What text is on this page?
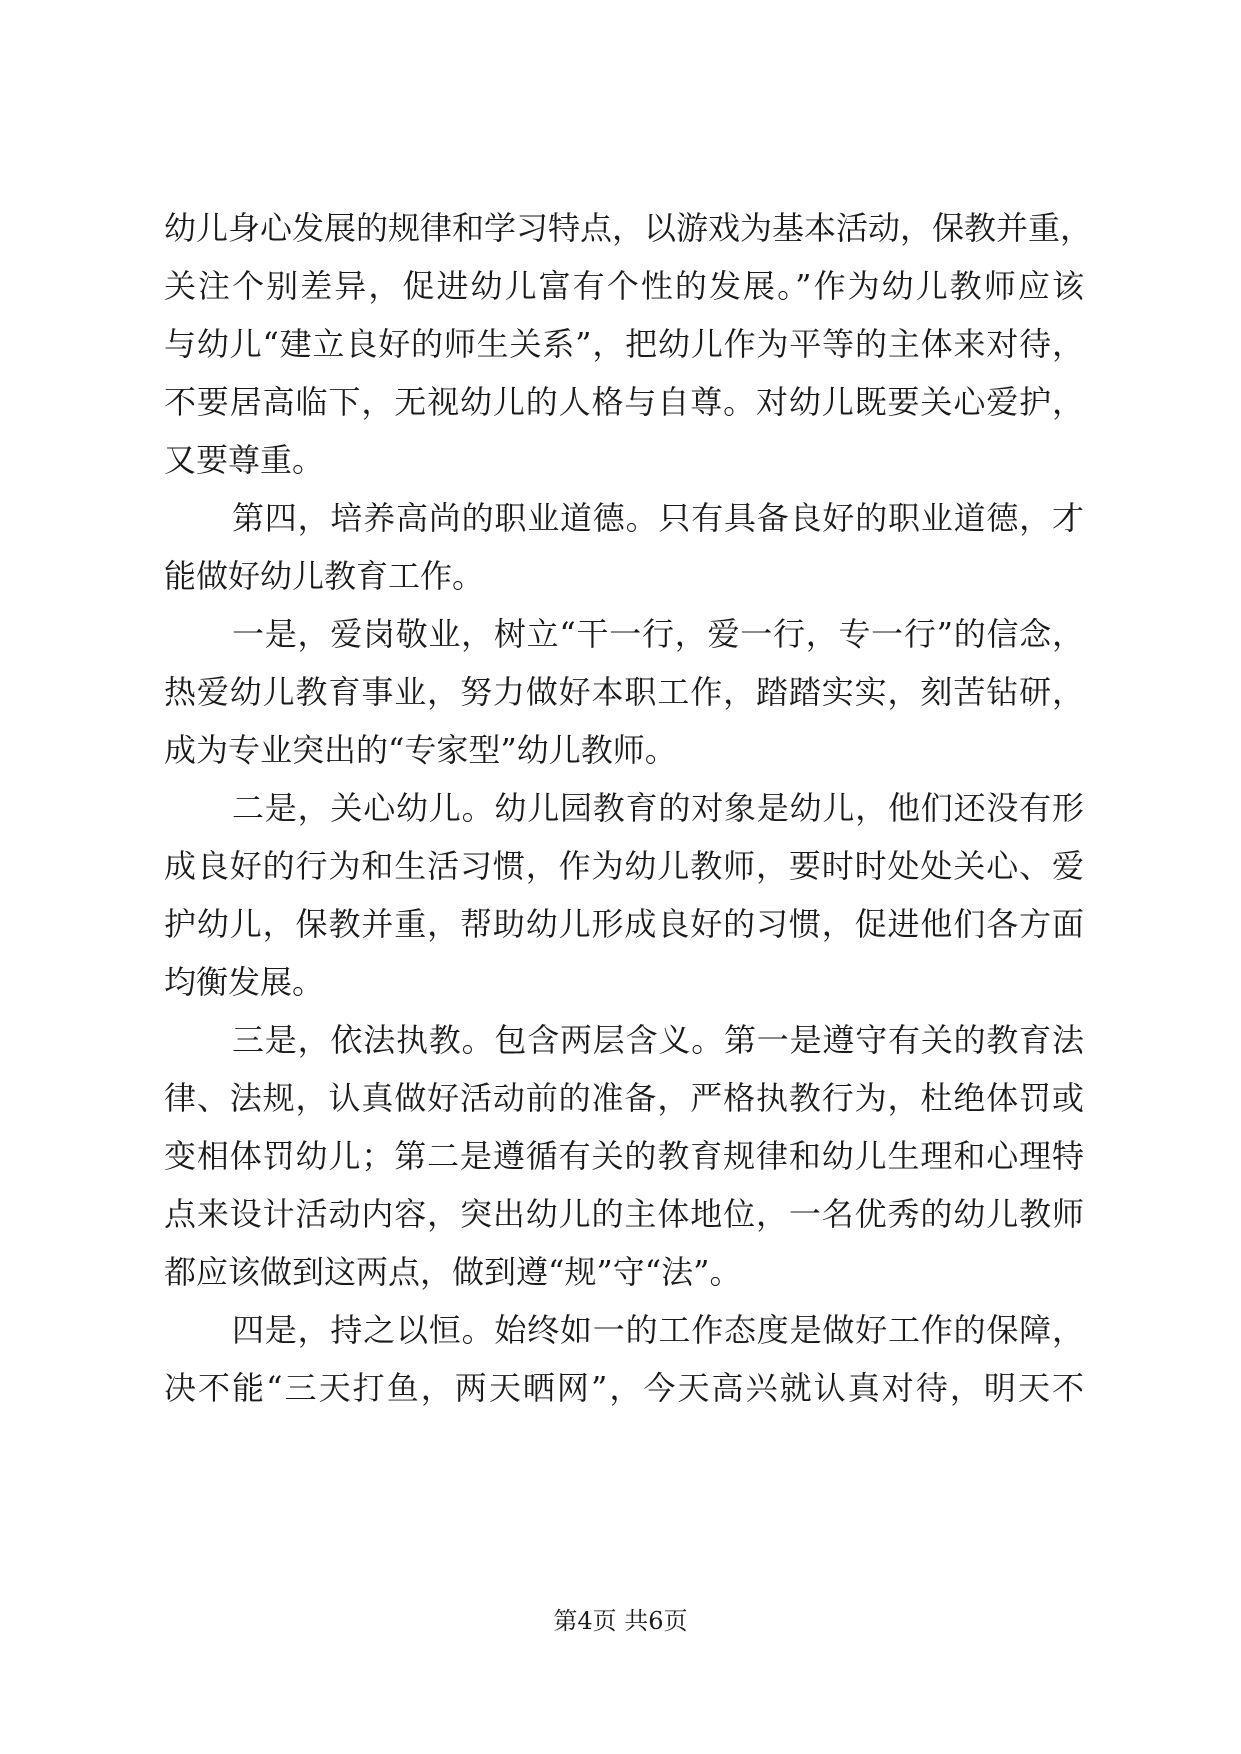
幼儿身心发展的规律和学习特点，以游戏为基本活动，保教并重，
关注个别差异，促进幼儿富有个性的发展。”作为幼儿教师应该
与幼儿“建立良好的师生关系”，把幼儿作为平等的主体来对待，
不要居高临下，无视幼儿的人格与自尊。对幼儿既要关心爱护，
又要尊重。
第四，培养高尚的职业道德。只有具备良好的职业道德，才
能做好幼儿教育工作。
一是，爱岗敬业，树立“干一行，爱一行，专一行”的信念，
热爱幼儿教育事业，努力做好本职工作，踏踏实实，刻苦钻研，
成为专业突出的“专家型”幼儿教师。
二是，关心幼儿。幼儿园教育的对象是幼儿，他们还没有形
成良好的行为和生活习惯，作为幼儿教师，要时时处处关心、爱
护幼儿，保教并重，帮助幼儿形成良好的习惯，促进他们各方面
均衡发展。
三是，依法执教。包含两层含义。第一是遵守有关的教育法
律、法规，认真做好活动前的准备，严格执教行为，杜绝体罚或
变相体罚幼儿；第二是遵循有关的教育规律和幼儿生理和心理特
点来设计活动内容，突出幼儿的主体地位，一名优秀的幼儿教师
都应该做到这两点，做到遵“规”守“法”。
四是，持之以恒。始终如一的工作态度是做好工作的保障，
决不能“三天打鱼，两天晒网”，今天高兴就认真对待，明天不
第4页 共6页
